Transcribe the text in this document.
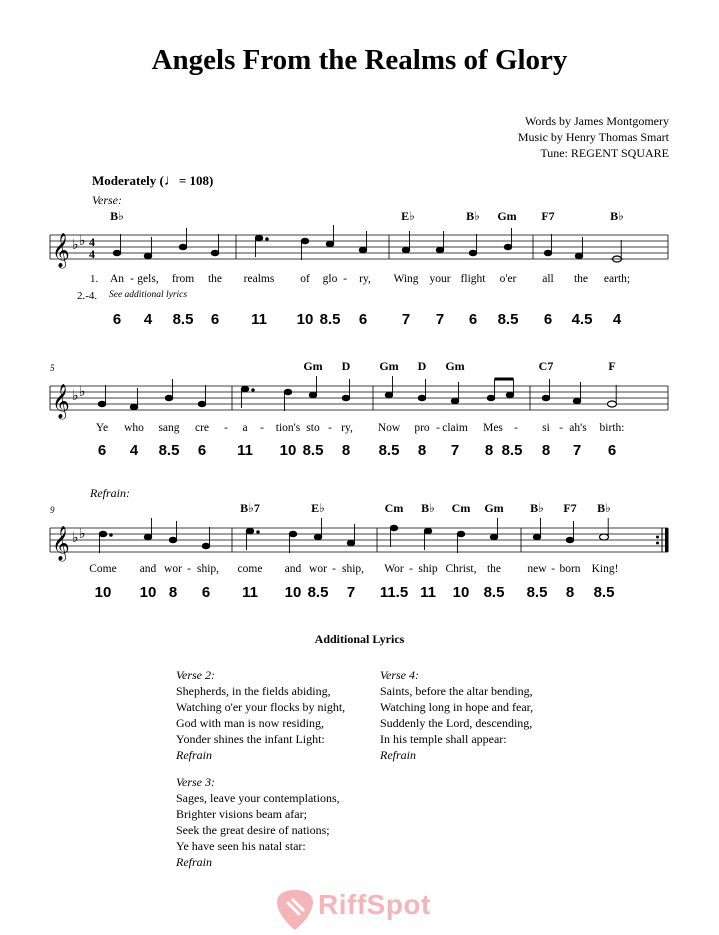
Angels From the Realms of Glory
Words by James Montgomery
Music by Henry Thomas Smart
Tune: REGENT SQUARE
Moderately (♩= 108)
Verse:
B♭	E♭	B♭ Gm F7	B♭
𝄞 ♭ ♭ 4
4
1.
2.-4. See additional lyrics
An - gels, from the realms of glo - ry, Wing your flight o'er all the earth;
6 4 8.5 6 11 10 8.5 6 7 7 6 8.5 6 4.5 4
5	Gm D Gm D Gm	C7	F
𝄞 ♭ ♭
Ye who sang cre - a - tion's sto - ry, Now pro - claim Mes - si - ah's birth:
6 4 8.5 6 11 10 8.5 8 8.5 8 7 8 8.5 8 7 6
Refrain:
9	B♭7	E♭	Cm B♭ Cm Gm B♭ F7 B♭
𝄞 ♭ ♭
Come and wor - ship, come and wor - ship, Wor - ship Christ, the new - born King!
10 10 8 6 11 10 8.5 7 11.5 11 10 8.5 8.5 8 8.5
Additional Lyrics
Verse 2:
Shepherds, in the fields abiding,
Watching o'er your flocks by night,
God with man is now residing,
Yonder shines the infant Light:
Refrain
Verse 3:
Sages, leave your contemplations,
Brighter visions beam afar;
Seek the great desire of nations;
Ye have seen his natal star:
Refrain
Verse 4:
Saints, before the altar bending,
Watching long in hope and fear,
Suddenly the Lord, descending,
In his temple shall appear:
Refrain
RiffSpot
